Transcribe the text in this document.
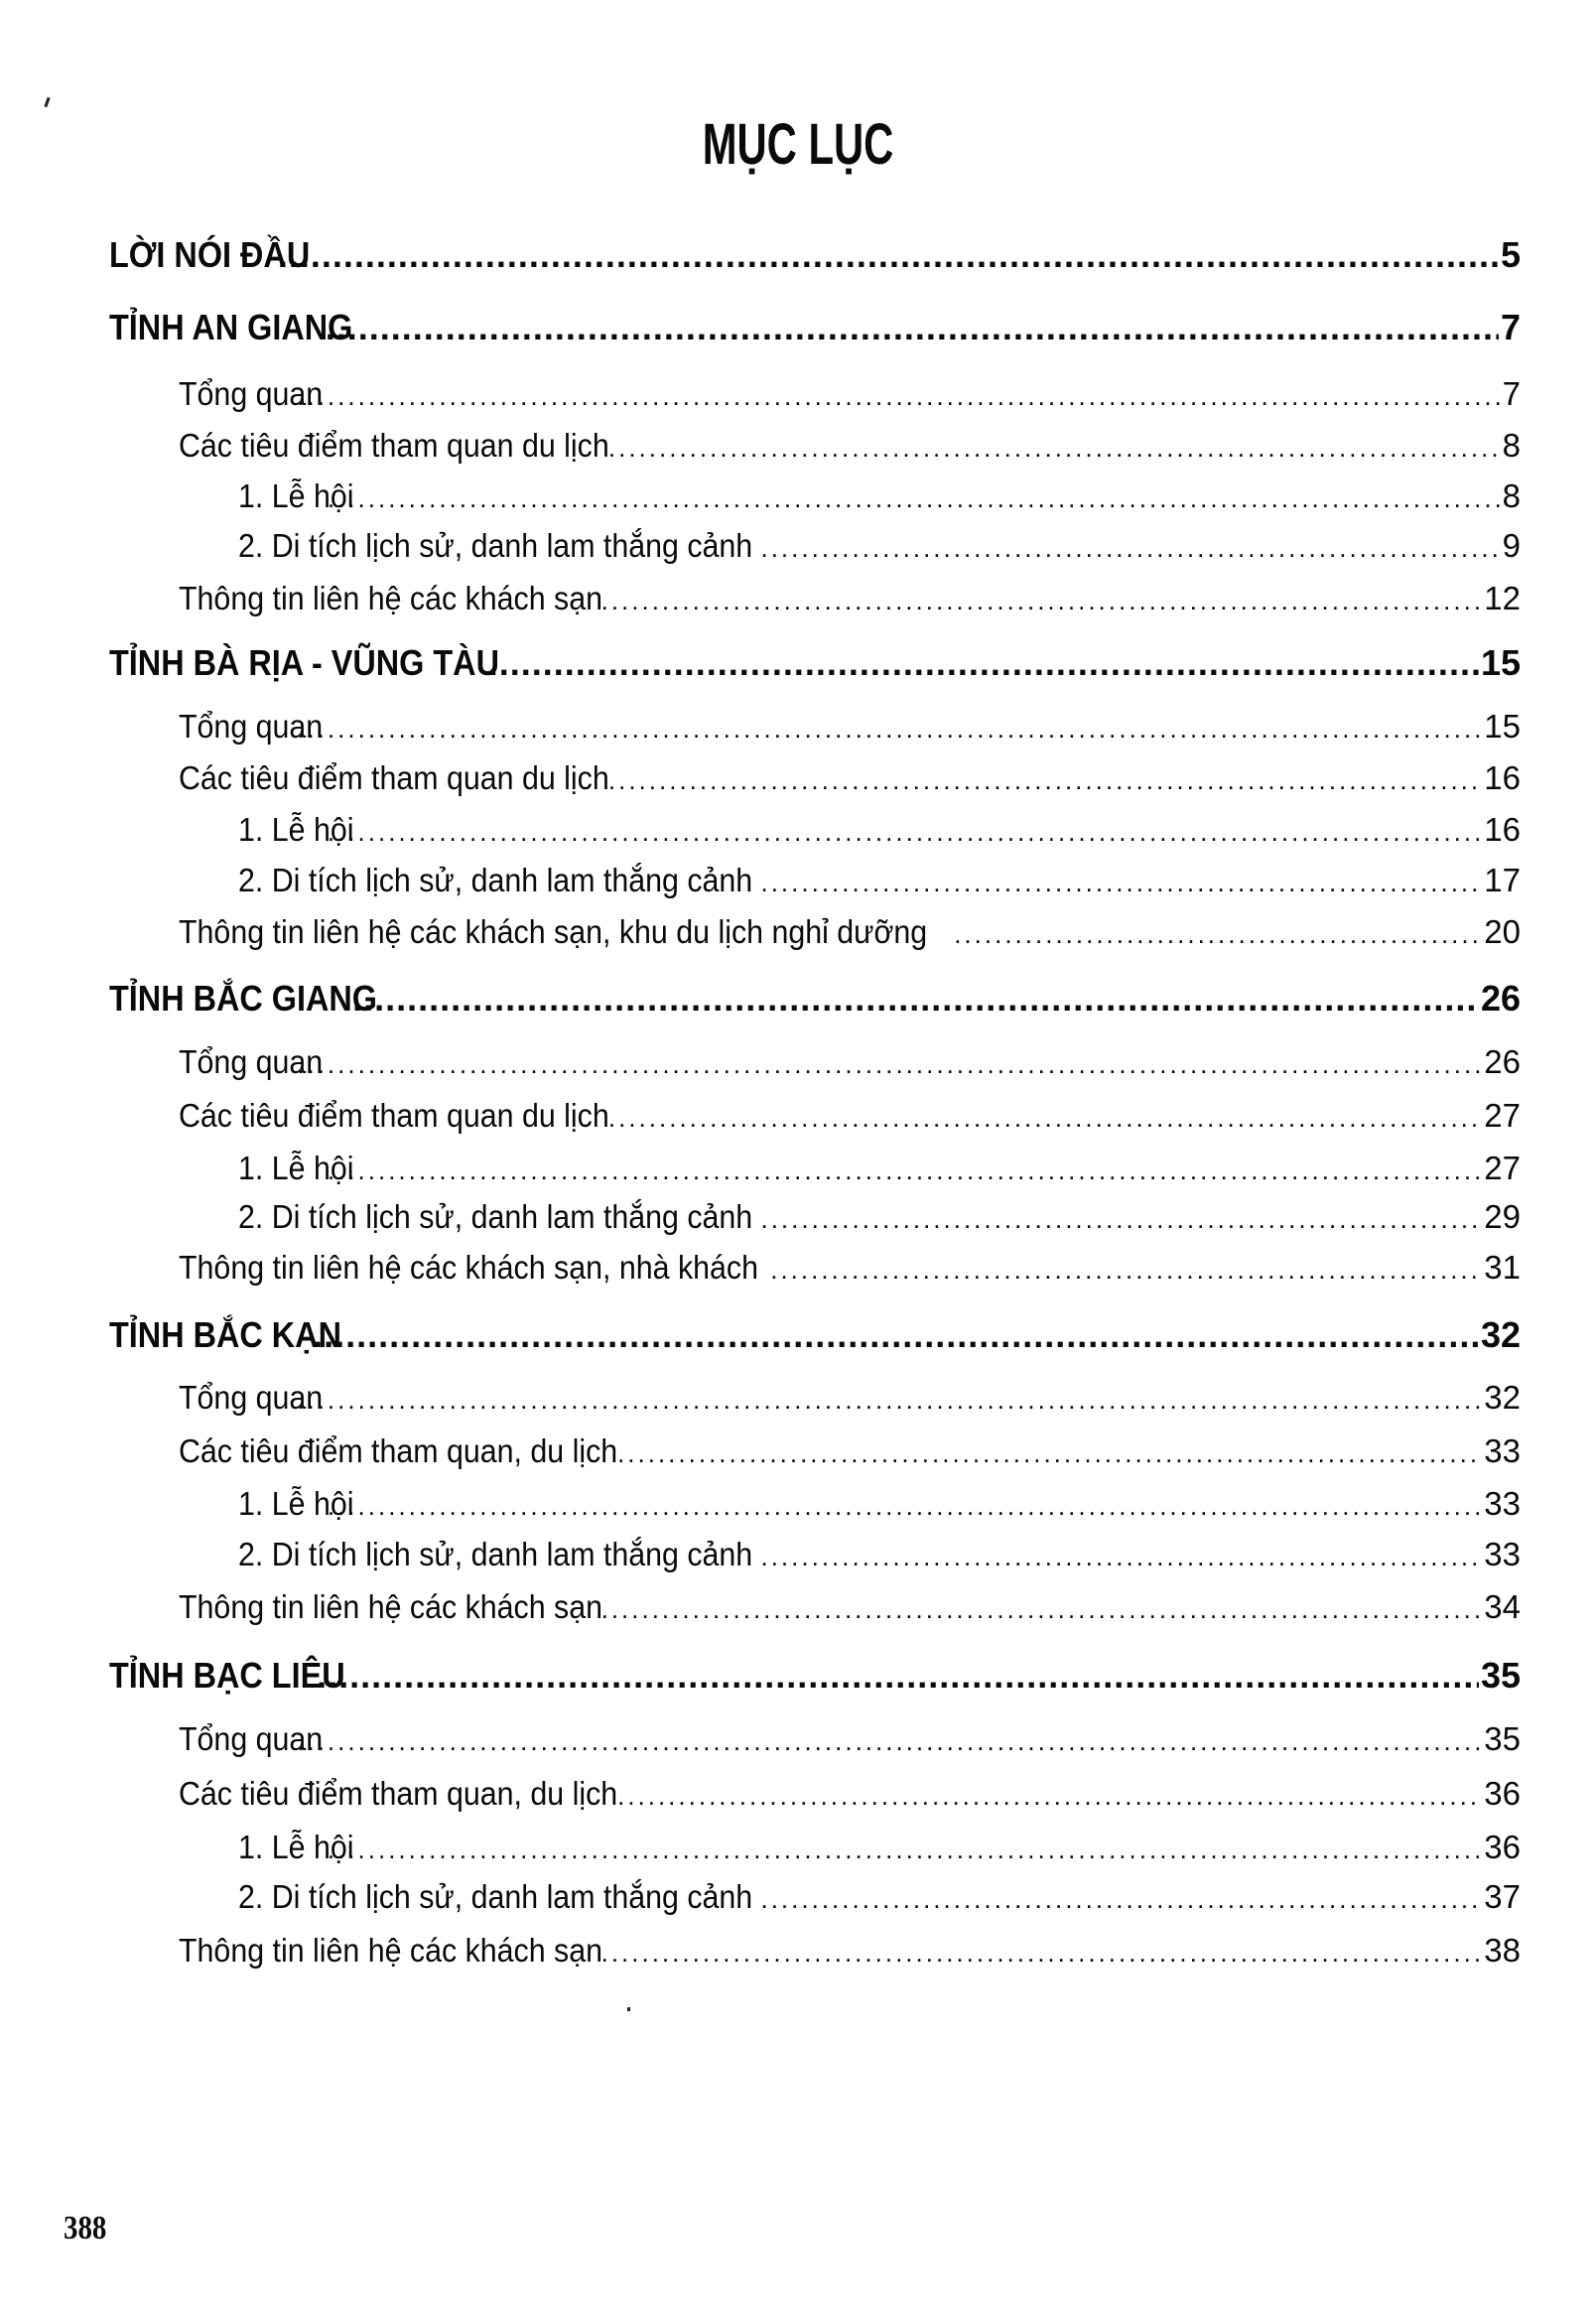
MỤC LỤC
LỜI NÓI ĐẦU .....	5
TỈNH AN GIANG .....	7
Tổng quan .....	7
Các tiêu điểm tham quan du lịch .....	8
1. Lễ hội .....	8
2. Di tích lịch sử, danh lam thắng cảnh .....	9
Thông tin liên hệ các khách sạn .....	12
TỈNH BÀ RỊA - VŨNG TÀU .....	15
Tổng quan .....	15
Các tiêu điểm tham quan du lịch .....	16
1. Lễ hội .....	16
2. Di tích lịch sử, danh lam thắng cảnh .....	17
Thông tin liên hệ các khách sạn, khu du lịch nghỉ dưỡng .....	20
TỈNH BẮC GIANG .....	26
Tổng quan .....	26
Các tiêu điểm tham quan du lịch .....	27
1. Lễ hội .....	27
2. Di tích lịch sử, danh lam thắng cảnh .....	29
Thông tin liên hệ các khách sạn, nhà khách .....	31
TỈNH BẮC KẠN .....	32
Tổng quan .....	32
Các tiêu điểm tham quan, du lịch .....	33
1. Lễ hội .....	33
2. Di tích lịch sử, danh lam thắng cảnh .....	33
Thông tin liên hệ các khách sạn .....	34
TỈNH BẠC LIÊU .....	35
Tổng quan .....	35
Các tiêu điểm tham quan, du lịch .....	36
1. Lễ hội .....	36
2. Di tích lịch sử, danh lam thắng cảnh .....	37
Thông tin liên hệ các khách sạn .....	38
388
